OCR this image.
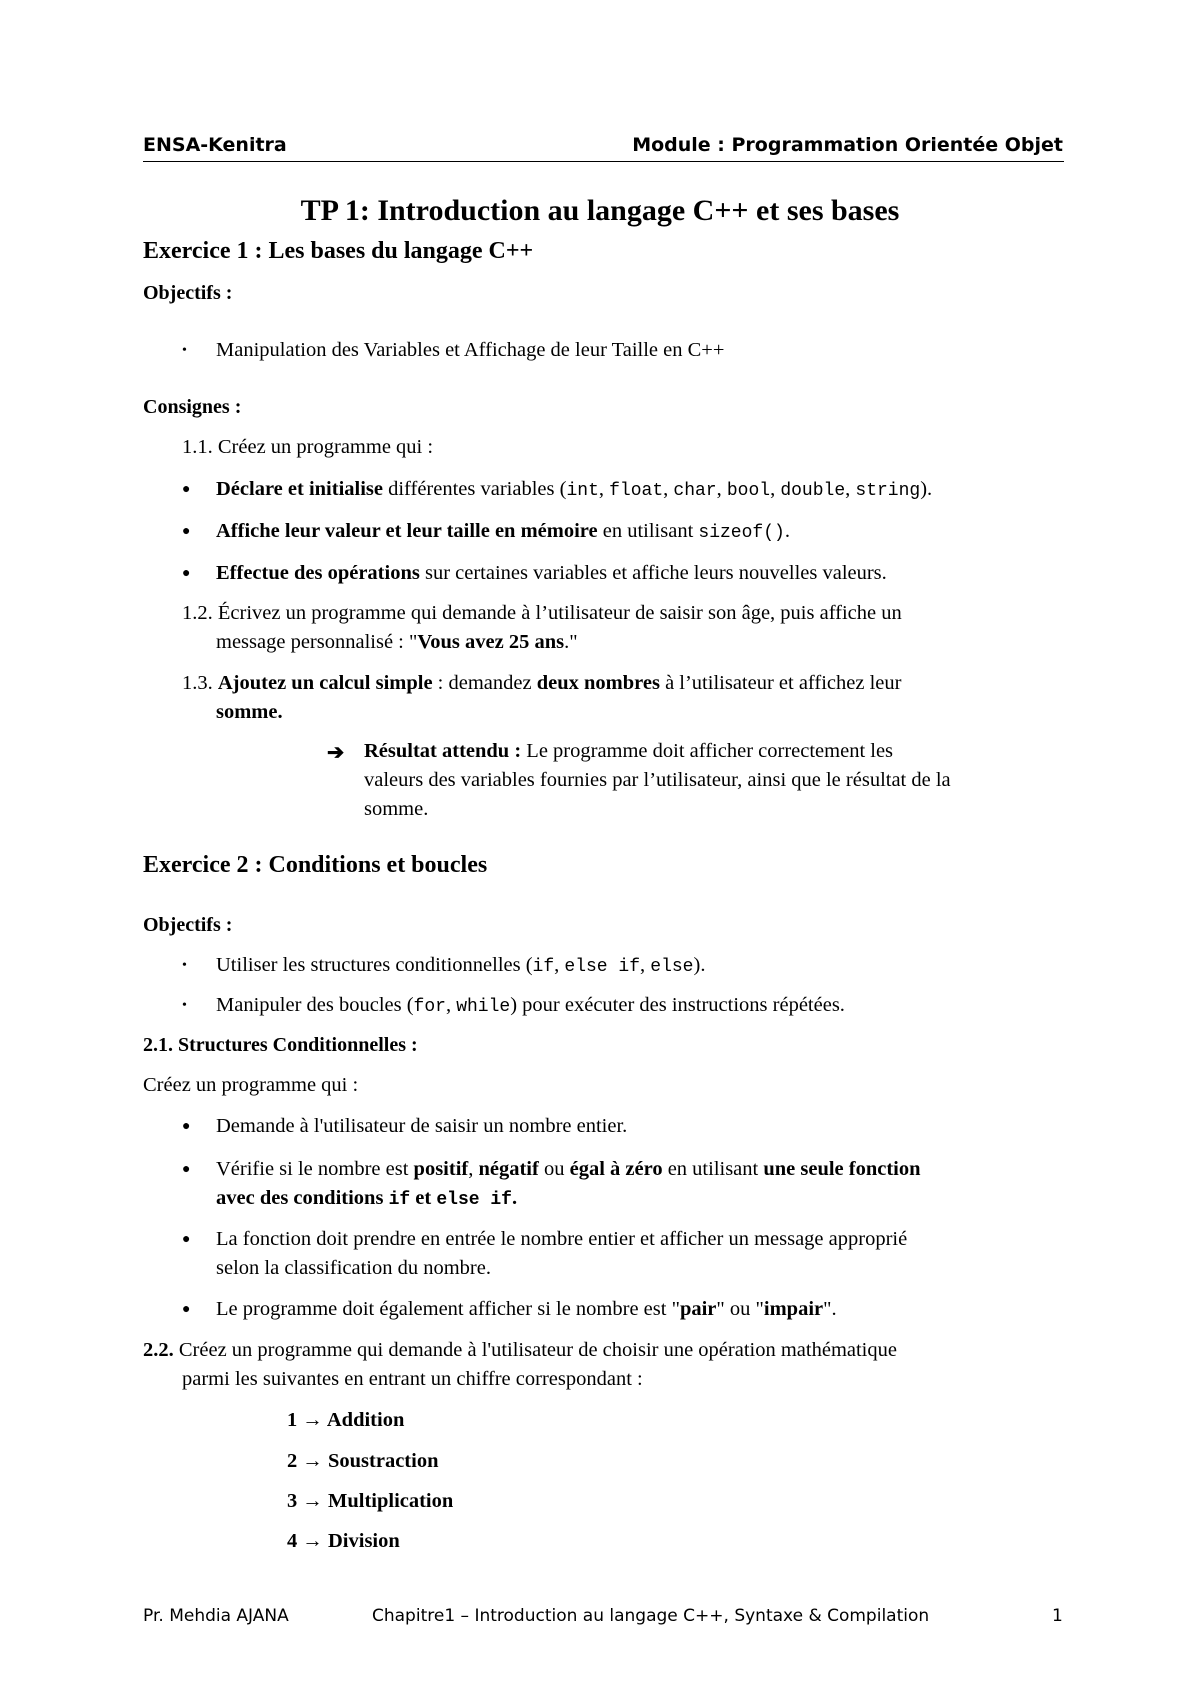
ENSA-Kenitra	Module : Programmation Orientée Objet
TP 1: Introduction au langage C++ et ses bases
Exercice 1 : Les bases du langage C++
Objectifs :
• Manipulation des Variables et Affichage de leur Taille en C++
Consignes :
1.1. Créez un programme qui :
● Déclare et initialise différentes variables (int, float, char, bool, double, string).
● Affiche leur valeur et leur taille en mémoire en utilisant sizeof().
● Effectue des opérations sur certaines variables et affiche leurs nouvelles valeurs.
1.2. Écrivez un programme qui demande à l’utilisateur de saisir son âge, puis affiche un
message personnalisé : "Vous avez 25 ans."
1.3. Ajoutez un calcul simple : demandez deux nombres à l’utilisateur et affichez leur
somme.
➔ Résultat attendu : Le programme doit afficher correctement les
valeurs des variables fournies par l’utilisateur, ainsi que le résultat de la
somme.
Exercice 2 : Conditions et boucles
Objectifs :
• Utiliser les structures conditionnelles (if, else if, else).
• Manipuler des boucles (for, while) pour exécuter des instructions répétées.
2.1. Structures Conditionnelles :
Créez un programme qui :
● Demande à l'utilisateur de saisir un nombre entier.
● Vérifie si le nombre est positif, négatif ou égal à zéro en utilisant une seule fonction
avec des conditions if et else if.
● La fonction doit prendre en entrée le nombre entier et afficher un message approprié
selon la classification du nombre.
● Le programme doit également afficher si le nombre est "pair" ou "impair".
2.2. Créez un programme qui demande à l'utilisateur de choisir une opération mathématique
parmi les suivantes en entrant un chiffre correspondant :
1 → Addition
2 → Soustraction
3 → Multiplication
4 → Division
Pr. Mehdia AJANA	Chapitre1 – Introduction au langage C++, Syntaxe & Compilation	1
